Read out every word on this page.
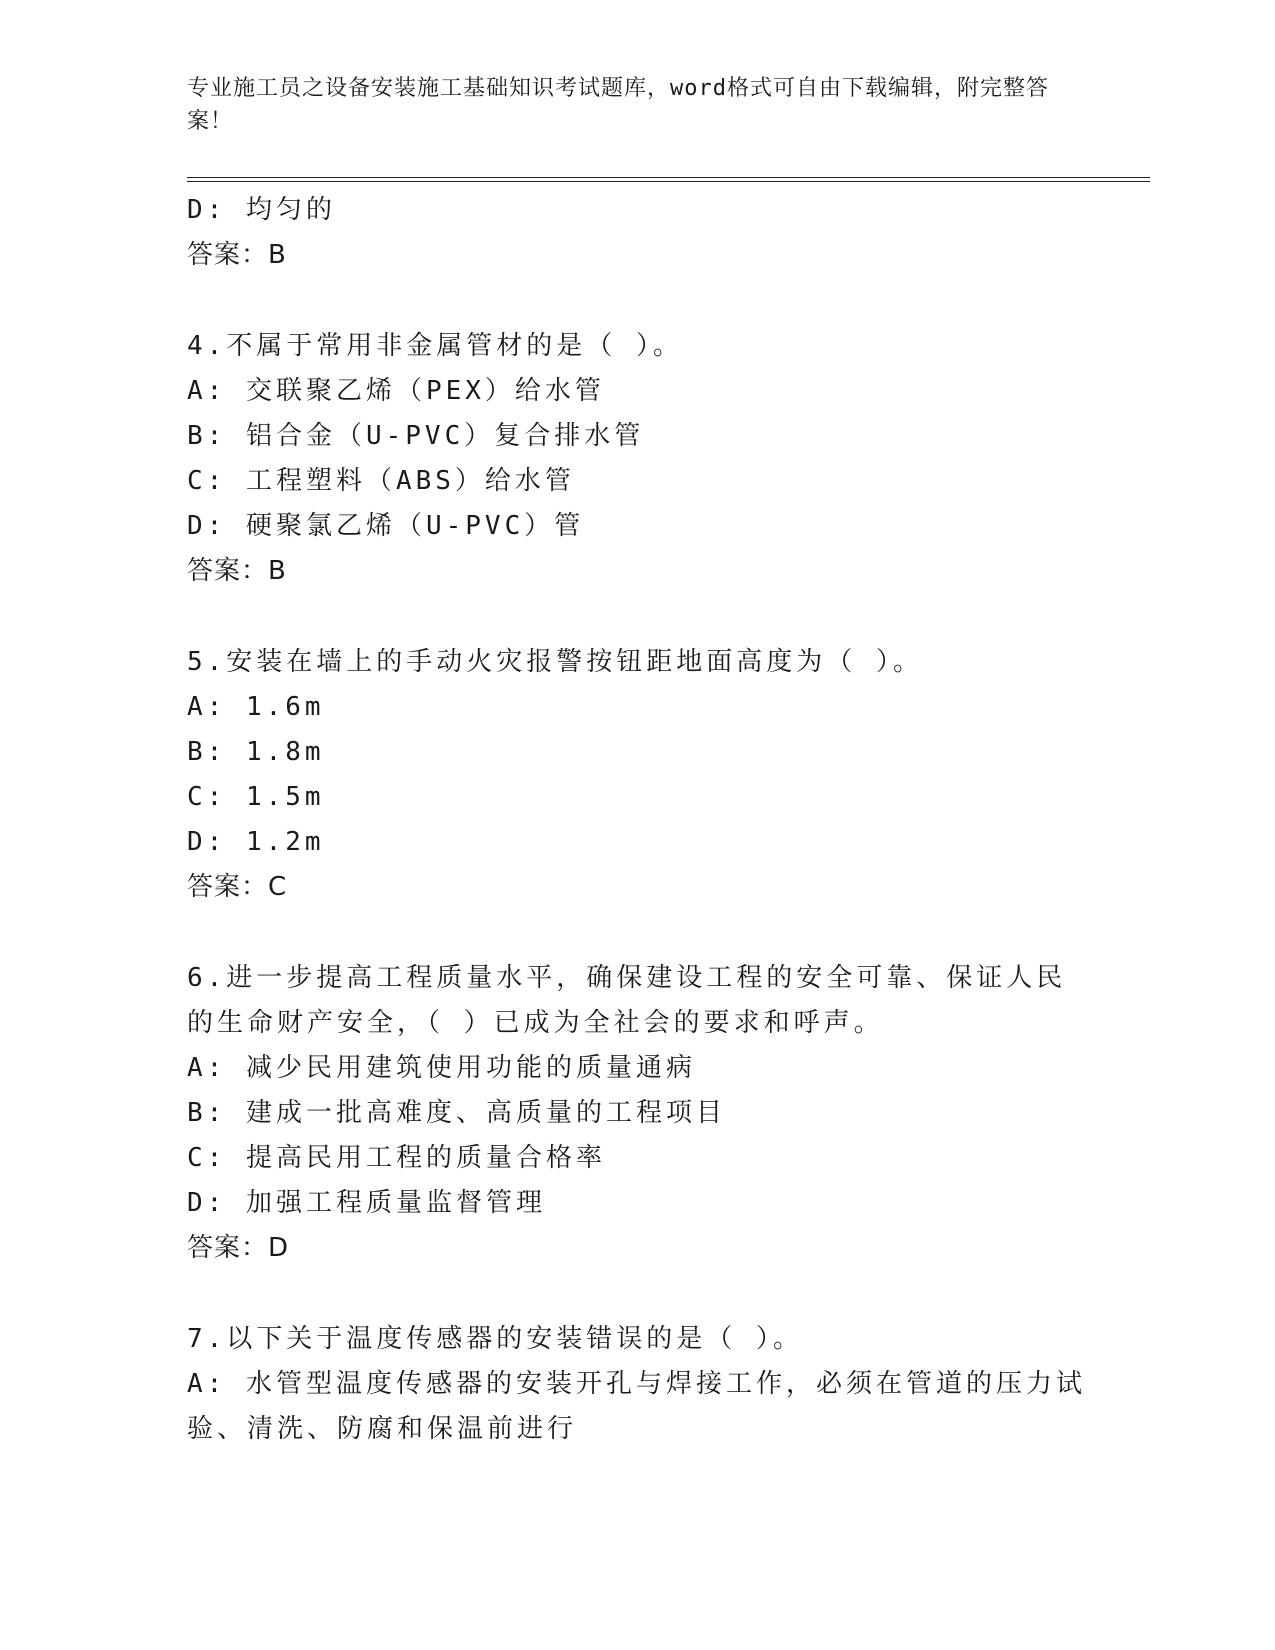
专业施工员之设备安装施工基础知识考试题库，word格式可自由下载编辑，附完整答案！
D: 均匀的
答案：B
4.不属于常用非金属管材的是（ ）。
A: 交联聚乙烯（PEX）给水管
B: 铝合金（U-PVC）复合排水管
C: 工程塑料（ABS）给水管
D: 硬聚氯乙烯（U-PVC）管
答案：B
5.安装在墙上的手动火灾报警按钮距地面高度为（ ）。
A: 1.6m
B: 1.8m
C: 1.5m
D: 1.2m
答案：C
6.进一步提高工程质量水平，确保建设工程的安全可靠、保证人民的生命财产安全，（ ）已成为全社会的要求和呼声。
A: 减少民用建筑使用功能的质量通病
B: 建成一批高难度、高质量的工程项目
C: 提高民用工程的质量合格率
D: 加强工程质量监督管理
答案：D
7.以下关于温度传感器的安装错误的是（ ）。
A: 水管型温度传感器的安装开孔与焊接工作，必须在管道的压力试验、清洗、防腐和保温前进行
